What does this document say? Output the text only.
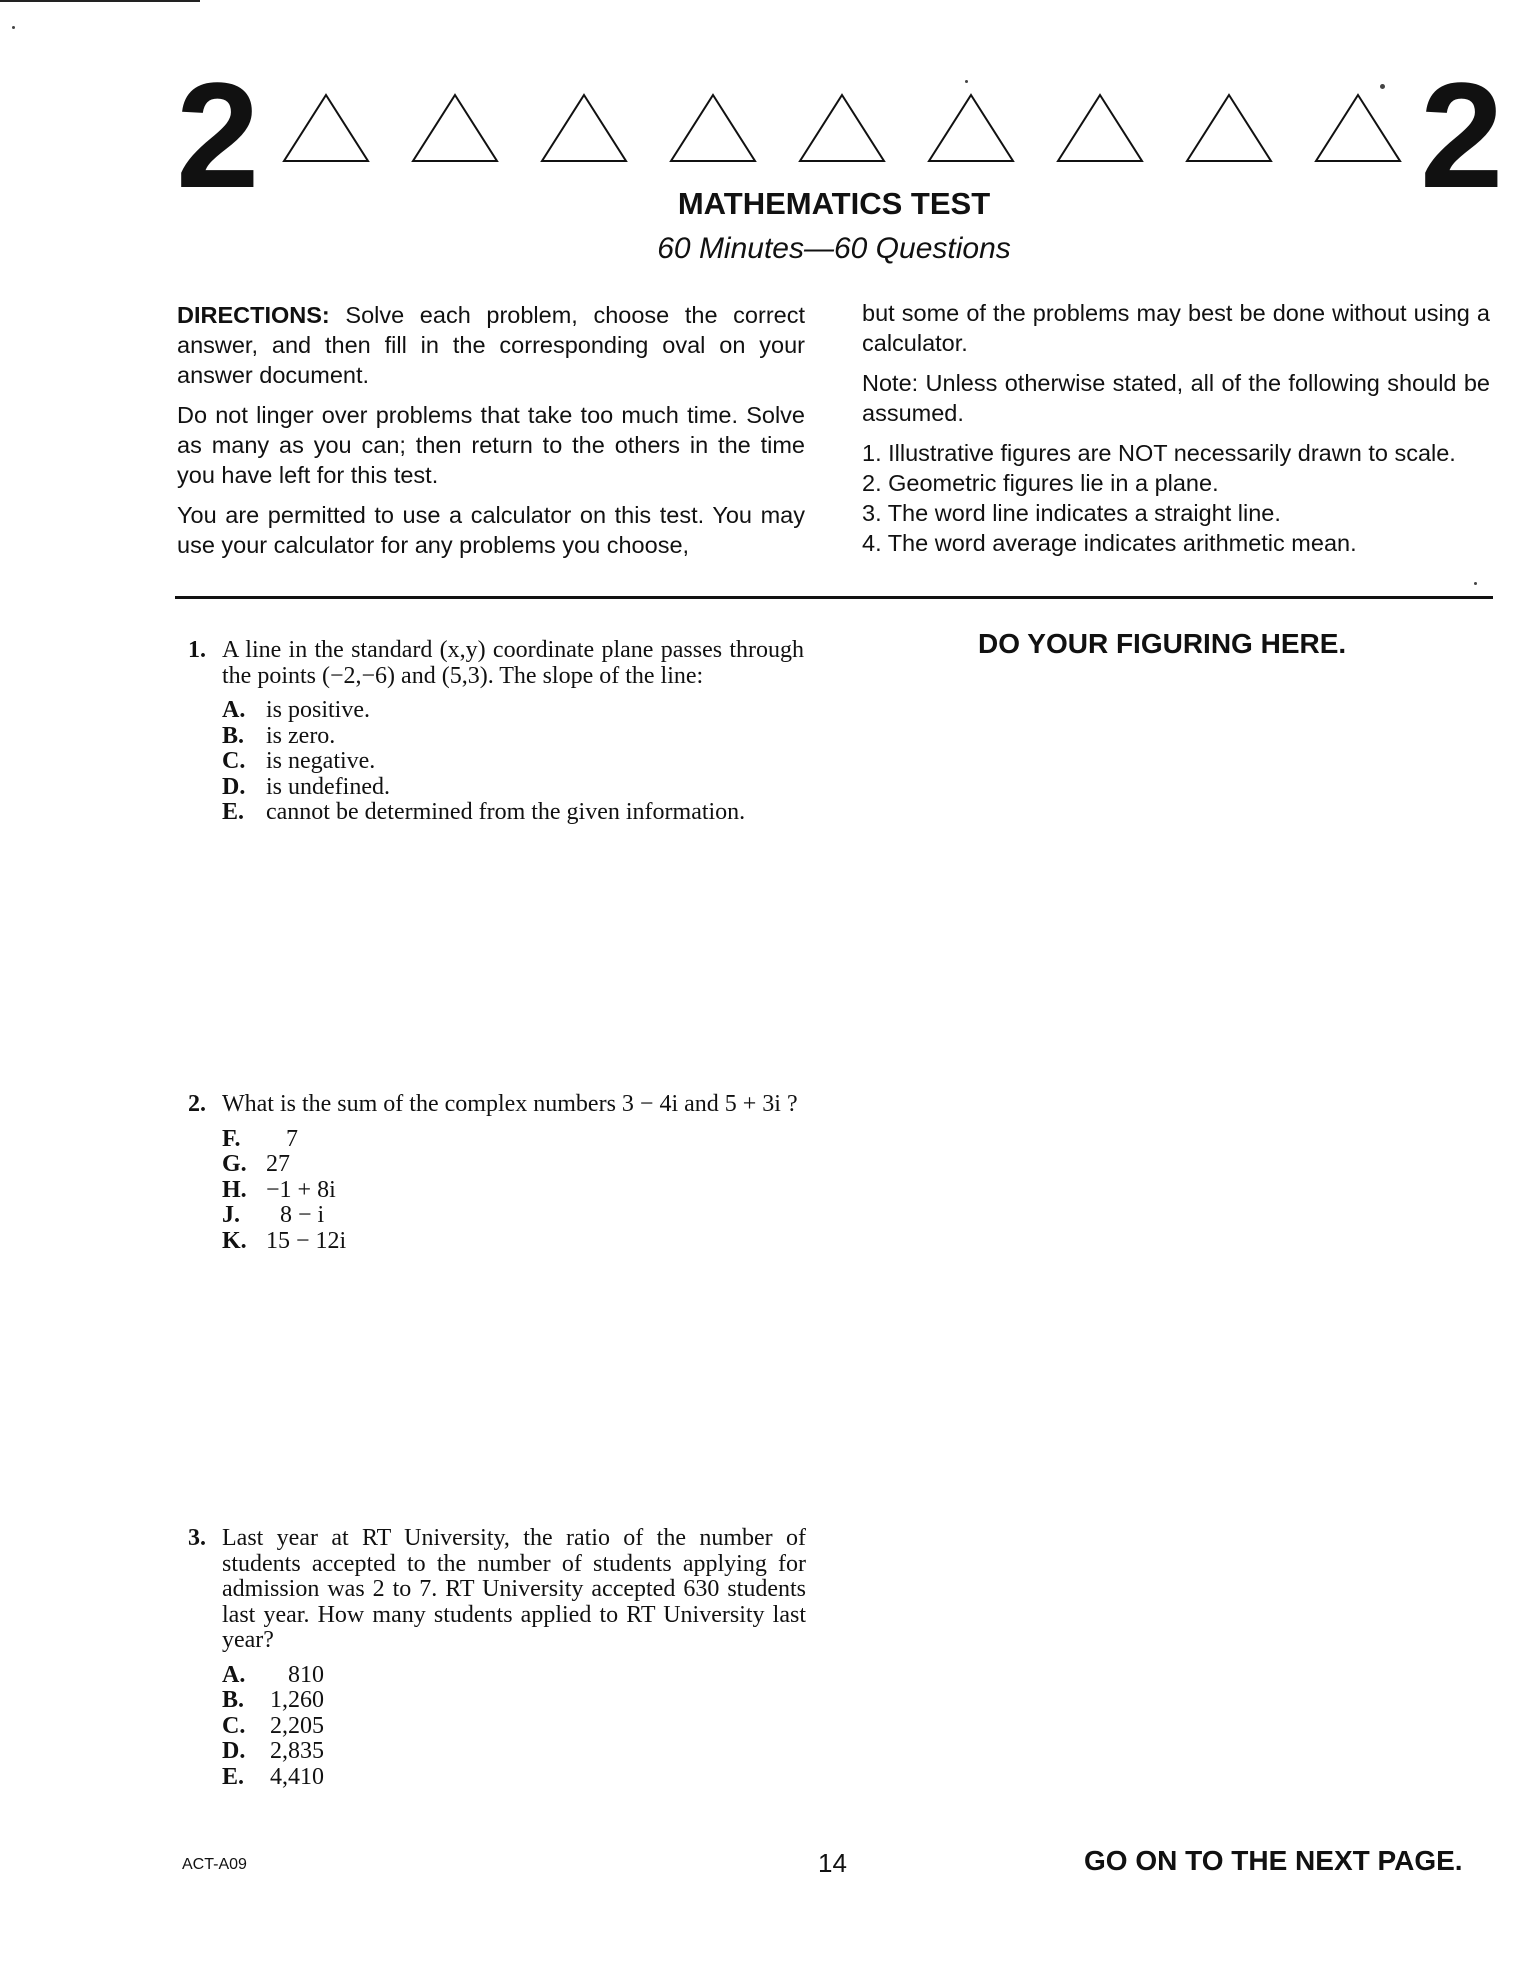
2	2
MATHEMATICS TEST
60 Minutes—60 Questions

DIRECTIONS: Solve each problem, choose the correct answer, and then fill in the corresponding oval on your answer document.

Do not linger over problems that take too much time. Solve as many as you can; then return to the others in the time you have left for this test.

You are permitted to use a calculator on this test. You may use your calculator for any problems you choose,

but some of the problems may best be done without using a calculator.

Note: Unless otherwise stated, all of the following should be assumed.

1. Illustrative figures are NOT necessarily drawn to scale.

2. Geometric figures lie in a plane.

3. The word line indicates a straight line.

4. The word average indicates arithmetic mean.

DO YOUR FIGURING HERE.
1. A line in the standard (x,y) coordinate plane passes through the points (−2,−6) and (5,3). The slope of the line:

A. is positive.

B. is zero.

C. is negative.

D. is undefined.

E. cannot be determined from the given information.

2. What is the sum of the complex numbers 3 − 4i and 5 + 3i ?

F. 7

G. 27

H. −1 + 8i

J. 8 − i

K. 15 − 12i

3. Last year at RT University, the ratio of the number of students accepted to the number of students applying for admission was 2 to 7. RT University accepted 630 students last year. How many students applied to RT University last year?

A. 810

B. 1,260

C. 2,205

D. 2,835

E. 4,410

ACT-A09	14	GO ON TO THE NEXT PAGE.
